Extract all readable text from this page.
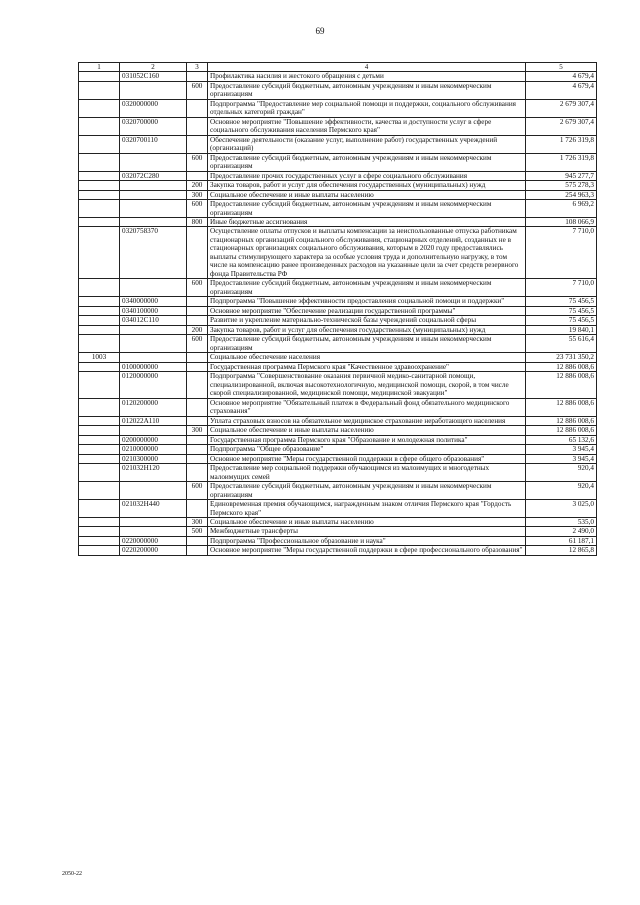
69
1	2	3	4	5
	031052С160		Профилактика насилия и жестокого обращения с детьми	4 679,4
		600	Предоставление субсидий бюджетным, автономным учреждениям и иным некоммерческим организациям	4 679,4
	0320000000		Подпрограмма "Предоставление мер социальной помощи и поддержки, социального обслуживания отдельных категорий граждан"	2 679 307,4
	0320700000		Основное мероприятие "Повышение эффективности, качества и доступности услуг в сфере социального обслуживания населения Пермского края"	2 679 307,4
	0320700110		Обеспечение деятельности (оказание услуг, выполнение работ) государственных учреждений (организаций)	1 726 319,8
		600	Предоставление субсидий бюджетным, автономным учреждениям и иным некоммерческим организациям	1 726 319,8
	032072С280		Предоставление прочих государственных услуг в сфере социального обслуживания	945 277,7
		200	Закупка товаров, работ и услуг для обеспечения государственных (муниципальных) нужд	575 278,3
		300	Социальное обеспечение и иные выплаты населению	254 963,3
		600	Предоставление субсидий бюджетным, автономным учреждениям и иным некоммерческим организациям	6 969,2
		800	Иные бюджетные ассигнования	108 066,9
	0320758370		Осуществление оплаты отпусков и выплаты компенсации за неиспользованные отпуска работникам стационарных организаций социального обслуживания, стационарных отделений, созданных не в стационарных организациях социального обслуживания, которым в 2020 году предоставлялись выплаты стимулирующего характера за особые условия труда и дополнительную нагрузку, в том числе на компенсацию ранее произведенных расходов на указанные цели за счет средств резервного фонда Правительства РФ	7 710,0
		600	Предоставление субсидий бюджетным, автономным учреждениям и иным некоммерческим организациям	7 710,0
	0340000000		Подпрограмма "Повышение эффективности предоставления социальной помощи и поддержки"	75 456,5
	0340100000		Основное мероприятие "Обеспечение реализации государственной программы"	75 456,5
	034012С110		Развитие и укрепление материально-технической базы учреждений социальной сферы	75 456,5
		200	Закупка товаров, работ и услуг для обеспечения государственных (муниципальных) нужд	19 840,1
		600	Предоставление субсидий бюджетным, автономным учреждениям и иным некоммерческим организациям	55 616,4
1003			Социальное обеспечение населения	23 731 350,2
	0100000000		Государственная программа Пермского края "Качественное здравоохранение"	12 886 008,6
	0120000000		Подпрограмма "Совершенствование оказания первичной медико-санитарной помощи, специализированной, включая высокотехнологичную, медицинской помощи, скорой, в том числе скорой специализированной, медицинской помощи, медицинской эвакуации"	12 886 008,6
	0120200000		Основное мероприятие "Обязательный платеж в Федеральный фонд обязательного медицинского страхования"	12 886 008,6
	012022А110		Уплата страховых взносов на обязательное медицинское страхование неработающего населения	12 886 008,6
		300	Социальное обеспечение и иные выплаты населению	12 886 008,6
	0200000000		Государственная программа Пермского края "Образование и молодежная политика"	65 132,6
	0210000000		Подпрограмма "Общее образование"	3 945,4
	0210300000		Основное мероприятие "Меры государственной поддержки в сфере общего образования"	3 945,4
	021032Н120		Предоставление мер социальной поддержки обучающимся из малоимущих и многодетных малоимущих семей	920,4
		600	Предоставление субсидий бюджетным, автономным учреждениям и иным некоммерческим организациям	920,4
	021032Н440		Единовременная премия обучающимся, награжденным знаком отличия Пермского края "Гордость Пермского края"	3 025,0
		300	Социальное обеспечение и иные выплаты населению	535,0
		500	Межбюджетные трансферты	2 490,0
	0220000000		Подпрограмма "Профессиональное образование и наука"	61 187,1
	0220200000		Основное мероприятие "Меры государственной поддержки в сфере профессионального образования"	12 865,8
2050-22
